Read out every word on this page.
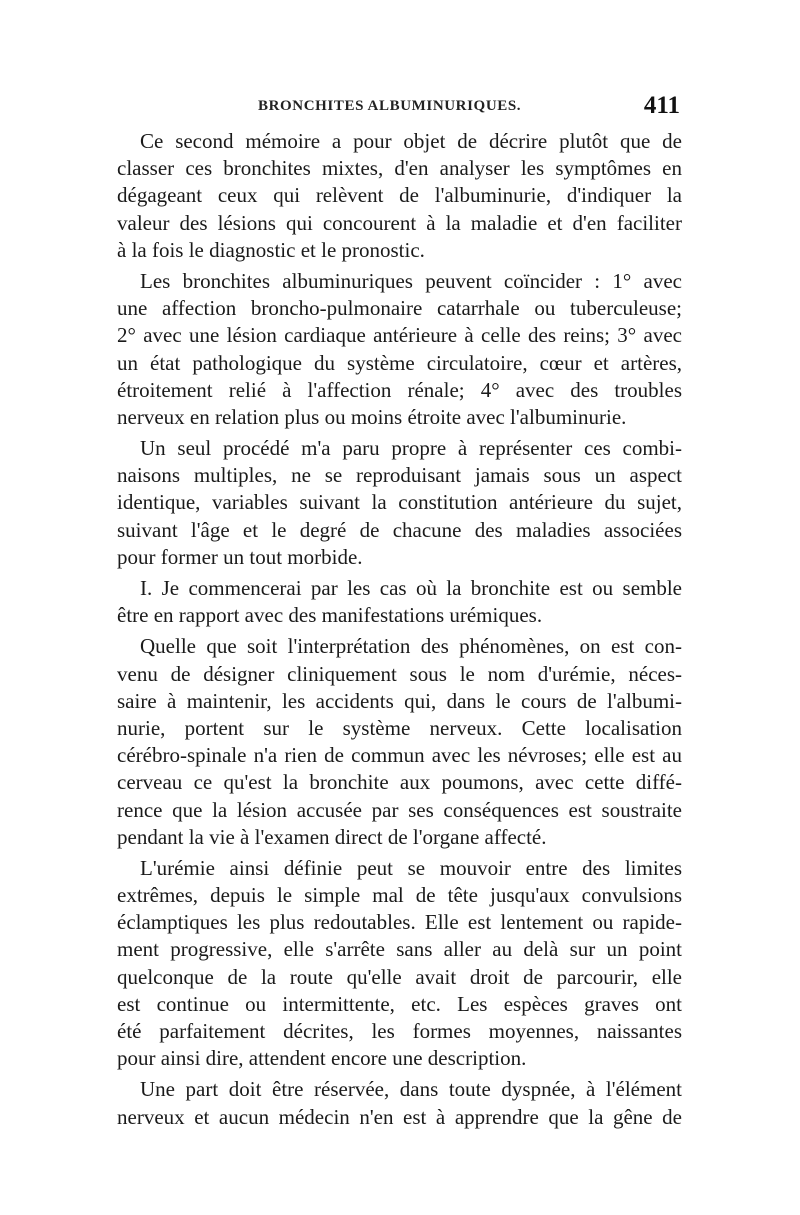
BRONCHITES ALBUMINURIQUES.	411
Ce second mémoire a pour objet de décrire plutôt que de
classer ces bronchites mixtes, d'en analyser les symptômes en
dégageant ceux qui relèvent de l'albuminurie, d'indiquer la
valeur des lésions qui concourent à la maladie et d'en faciliter
à la fois le diagnostic et le pronostic.
Les bronchites albuminuriques peuvent coïncider : 1° avec
une affection broncho-pulmonaire catarrhale ou tuberculeuse;
2° avec une lésion cardiaque antérieure à celle des reins; 3° avec
un état pathologique du système circulatoire, cœur et artères,
étroitement relié à l'affection rénale; 4° avec des troubles
nerveux en relation plus ou moins étroite avec l'albuminurie.
Un seul procédé m'a paru propre à représenter ces combi-
naisons multiples, ne se reproduisant jamais sous un aspect
identique, variables suivant la constitution antérieure du sujet,
suivant l'âge et le degré de chacune des maladies associées
pour former un tout morbide.
I. Je commencerai par les cas où la bronchite est ou semble
être en rapport avec des manifestations urémiques.
Quelle que soit l'interprétation des phénomènes, on est con-
venu de désigner cliniquement sous le nom d'urémie, néces-
saire à maintenir, les accidents qui, dans le cours de l'albumi-
nurie, portent sur le système nerveux. Cette localisation
cérébro-spinale n'a rien de commun avec les névroses; elle est au
cerveau ce qu'est la bronchite aux poumons, avec cette diffé-
rence que la lésion accusée par ses conséquences est soustraite
pendant la vie à l'examen direct de l'organe affecté.
L'urémie ainsi définie peut se mouvoir entre des limites
extrêmes, depuis le simple mal de tête jusqu'aux convulsions
éclamptiques les plus redoutables. Elle est lentement ou rapide-
ment progressive, elle s'arrête sans aller au delà sur un point
quelconque de la route qu'elle avait droit de parcourir, elle
est continue ou intermittente, etc. Les espèces graves ont
été parfaitement décrites, les formes moyennes, naissantes
pour ainsi dire, attendent encore une description.
Une part doit être réservée, dans toute dyspnée, à l'élément
nerveux et aucun médecin n'en est à apprendre que la gêne de
